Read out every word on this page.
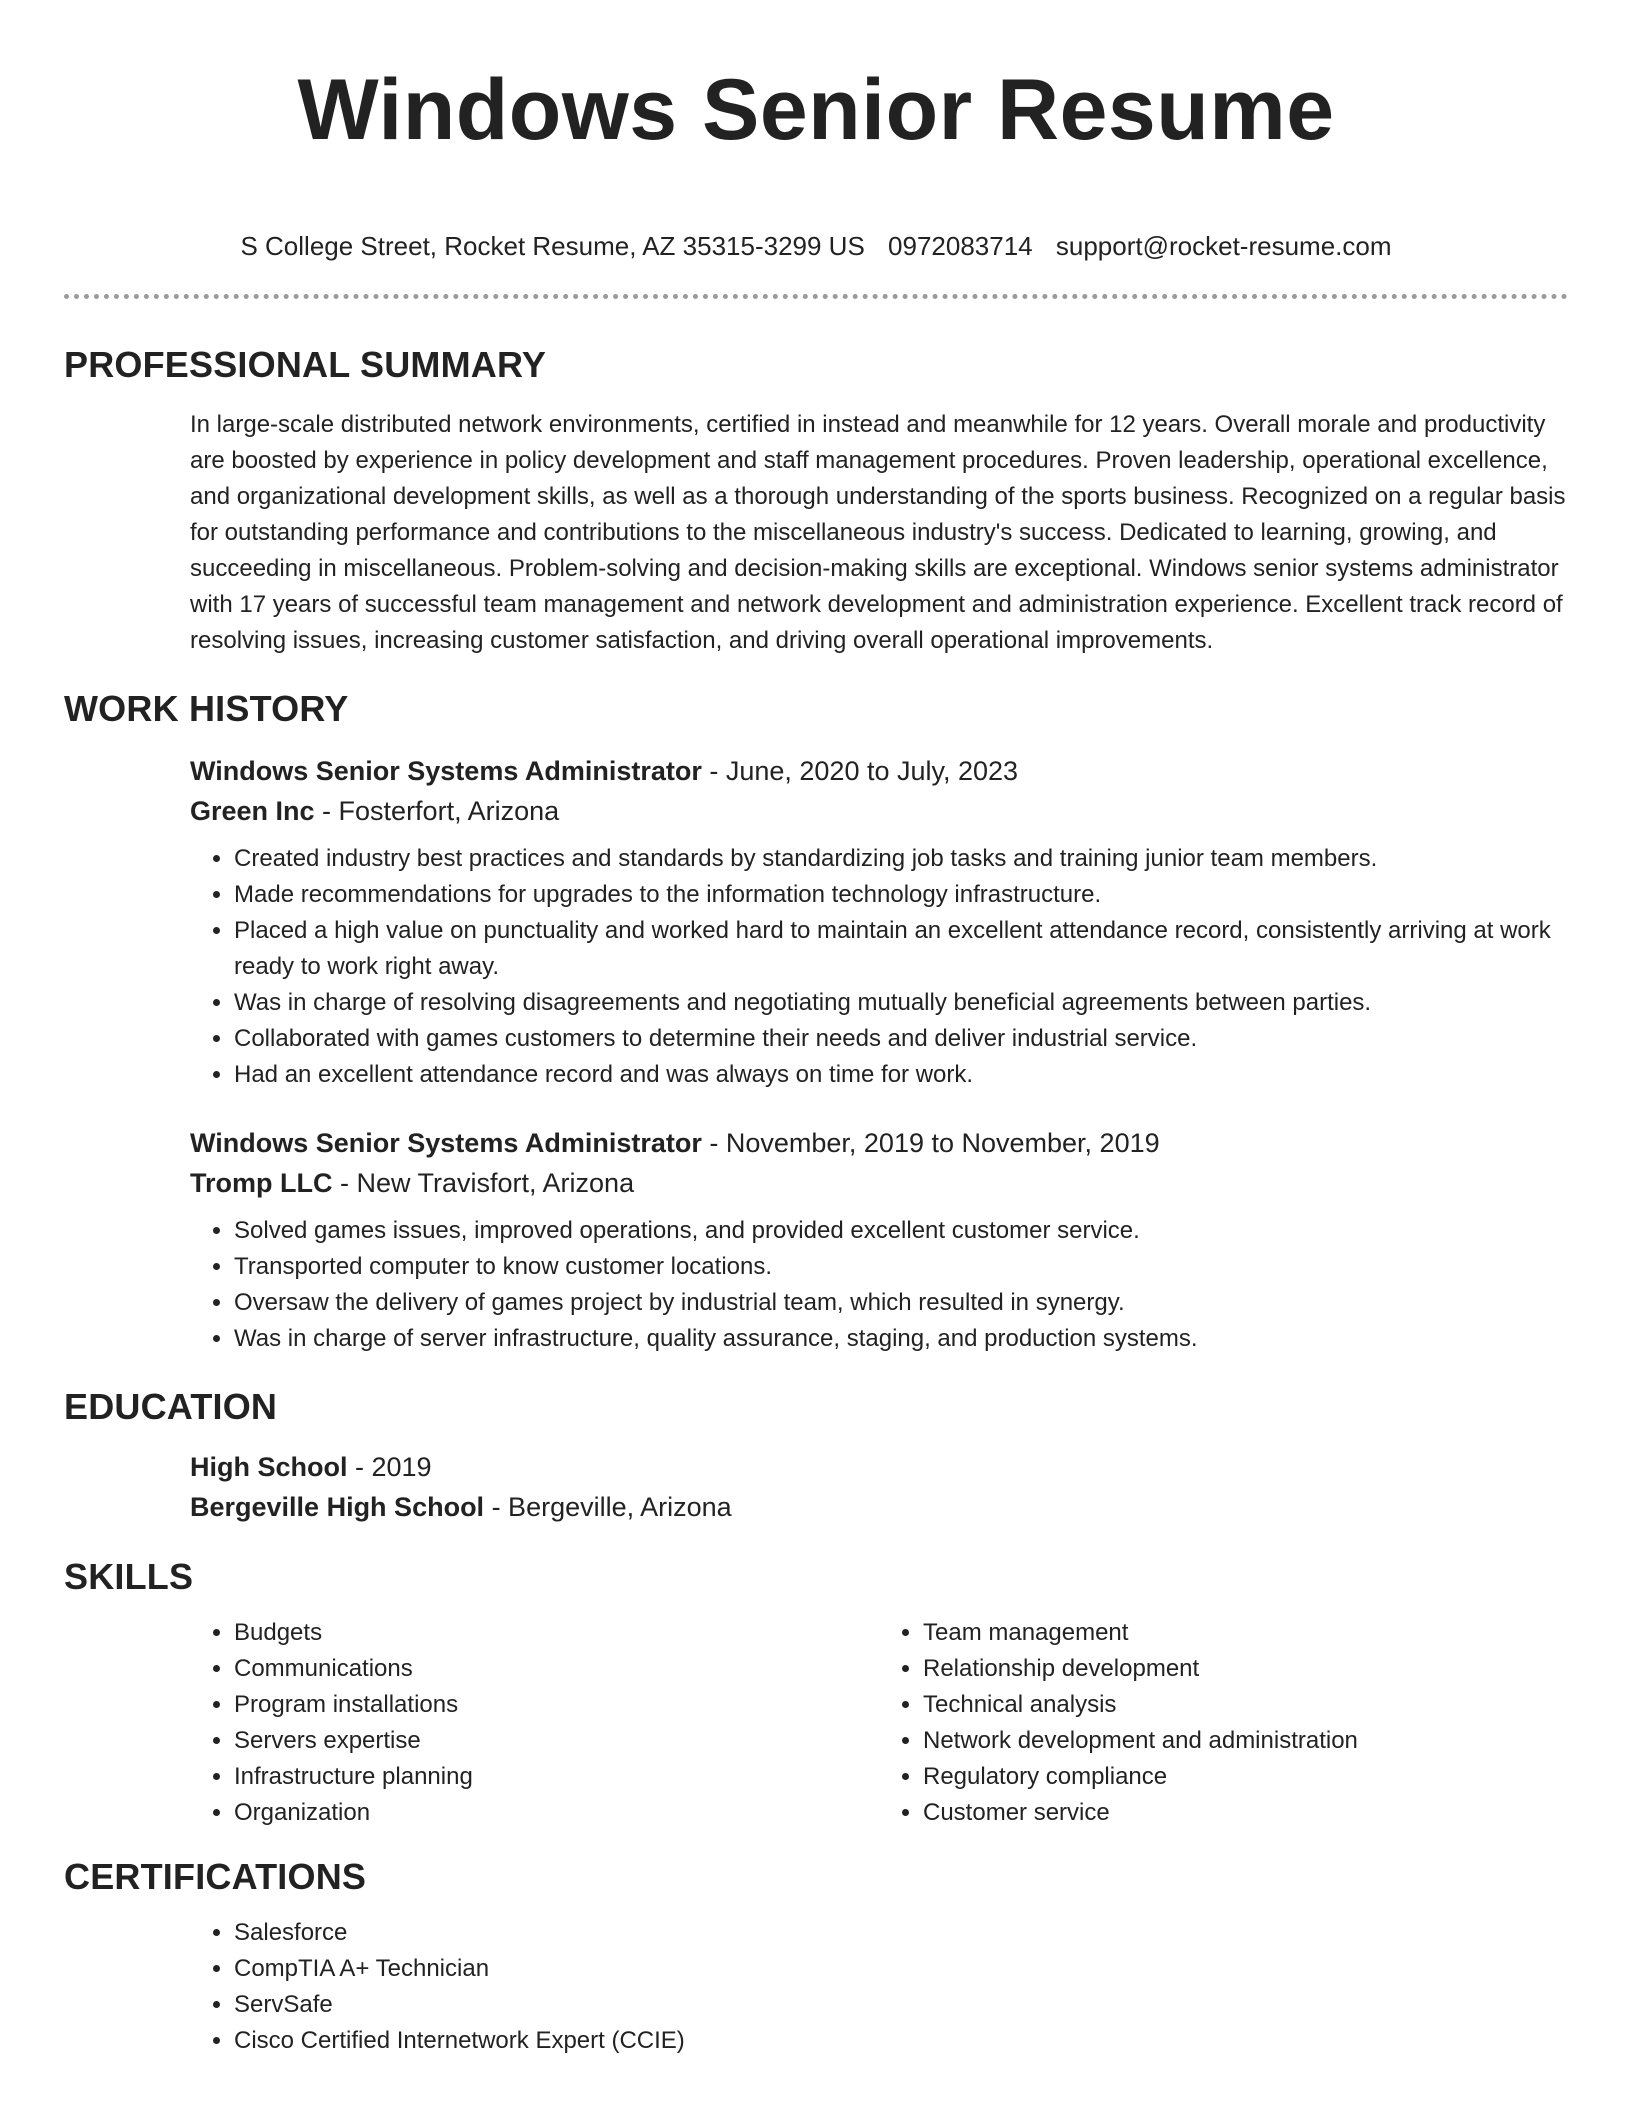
Windows Senior Resume
S College Street, Rocket Resume, AZ 35315-3299 US 0972083714 support@rocket-resume.com
PROFESSIONAL SUMMARY

In large-scale distributed network environments, certified in instead and meanwhile for 12 years. Overall morale and productivity are boosted by experience in policy development and staff management procedures. Proven leadership, operational excellence, and organizational development skills, as well as a thorough understanding of the sports business. Recognized on a regular basis for outstanding performance and contributions to the miscellaneous industry's success. Dedicated to learning, growing, and succeeding in miscellaneous. Problem-solving and decision-making skills are exceptional. Windows senior systems administrator with 17 years of successful team management and network development and administration experience. Excellent track record of resolving issues, increasing customer satisfaction, and driving overall operational improvements.

WORK HISTORY
Windows Senior Systems Administrator - June, 2020 to July, 2023
Green Inc - Fosterfort, Arizona
• Created industry best practices and standards by standardizing job tasks and training junior team members.
• Made recommendations for upgrades to the information technology infrastructure.
• Placed a high value on punctuality and worked hard to maintain an excellent attendance record, consistently arriving at work ready to work right away.
• Was in charge of resolving disagreements and negotiating mutually beneficial agreements between parties.
• Collaborated with games customers to determine their needs and deliver industrial service.
• Had an excellent attendance record and was always on time for work.
Windows Senior Systems Administrator - November, 2019 to November, 2019
Tromp LLC - New Travisfort, Arizona
• Solved games issues, improved operations, and provided excellent customer service.
• Transported computer to know customer locations.
• Oversaw the delivery of games project by industrial team, which resulted in synergy.
• Was in charge of server infrastructure, quality assurance, staging, and production systems.
EDUCATION
High School - 2019
Bergeville High School - Bergeville, Arizona
SKILLS
• Budgets
• Communications
• Program installations
• Servers expertise
• Infrastructure planning
• Organization
• Team management
• Relationship development
• Technical analysis
• Network development and administration
• Regulatory compliance
• Customer service
CERTIFICATIONS
• Salesforce
• CompTIA A+ Technician
• ServSafe
• Cisco Certified Internetwork Expert (CCIE)
